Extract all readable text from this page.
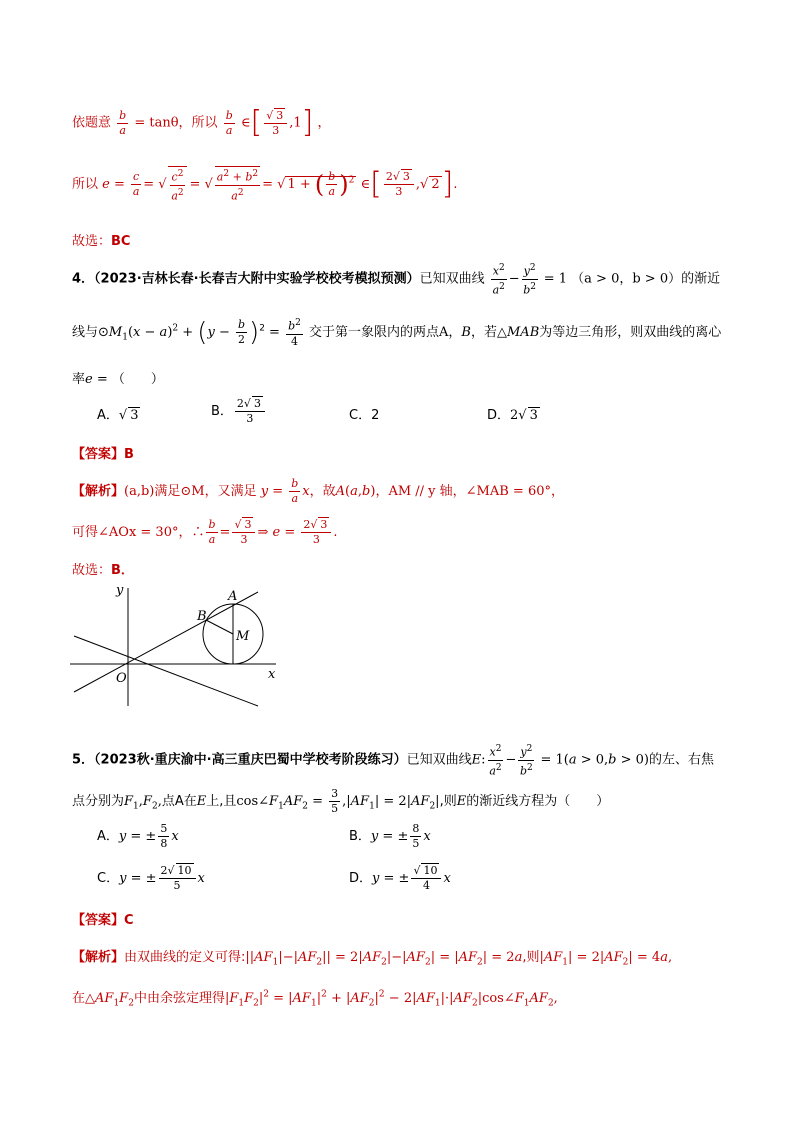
依题意 $\frac{b}{a} = \tan\theta$，所以 $\frac{b}{a}$ ∈[ $\frac{√ 3}{3} ,1$] ，
所以 $e = \frac{c}{a}$ = √ $\frac{c^2}{a^2}$ = √ $\frac{a^2 + b^2}{a^2}$ = √ 1 + ( $\frac{b}{a} )^2$ ∈[ $\frac{2√ 3}{3}$ ,√ 2].
故选：BC
4．（2023·吉林长春·长春吉大附中实验学校校考模拟预测）已知双曲线 $\frac{x^2}{a^2} - \frac{y^2}{b^2} = 1$ （a > 0，b > 0）的渐近
线与$⊙M_1(x - a)^2 + (y - \frac{b}{2} )^2 = \frac{b^2}{4}$ 交于第一象限内的两点A，B，若△MAB为等边三角形，则双曲线的离心
率e = （　　）
A．√ 3	B． $\frac{2√ 3}{3}$	C．2	D．2√ 3
【答案】B
【解析】(a,b)满足⊙M，又满足 $y = \frac{b}{a}$ x，故A(a,b)，AM // y 轴，∠MAB = 60°，
可得∠AOx = 30°，∴ $\frac{b}{a} = \frac{√ 3}{3}$ ⇒ $e = \frac{2√ 3}{3}$ .
故选：B．
y
x
O
A
B
M
5．（2023秋·重庆渝中·高三重庆巴蜀中学校考阶段练习）已知双曲线E: $\frac{x^2}{a^2} - \frac{y^2}{b^2} = 1(a > 0,b > 0)$的左、右焦
点分别为$F_1,F_2$,点A在E上,且$\cos\angle F_1AF_2 = \frac{3}{5} ,|AF_1| = 2|AF_2|$,则E的渐近线方程为（　　）
A．y = ± $\frac{5}{8}$ x	B．y = ± $\frac{8}{5}$ x
C．y = ± $\frac{2√ 10}{5}$ x	D．y = ± $\frac{√ 10}{4}$ x
【答案】C
【解析】由双曲线的定义可得$:||AF_1|-|AF_2|| = 2|AF_2|-|AF_2| = |AF_2| = 2a$,则$|AF_1| = 2|AF_2| = 4a$,
在$\triangle AF_1F_2$中由余弦定理得$|F_1F_2|^2 = |AF_1|^2 + |AF_2|^2$ − $2|AF_1|\cdot|AF_2|\cos\angle F_1AF_2$,
